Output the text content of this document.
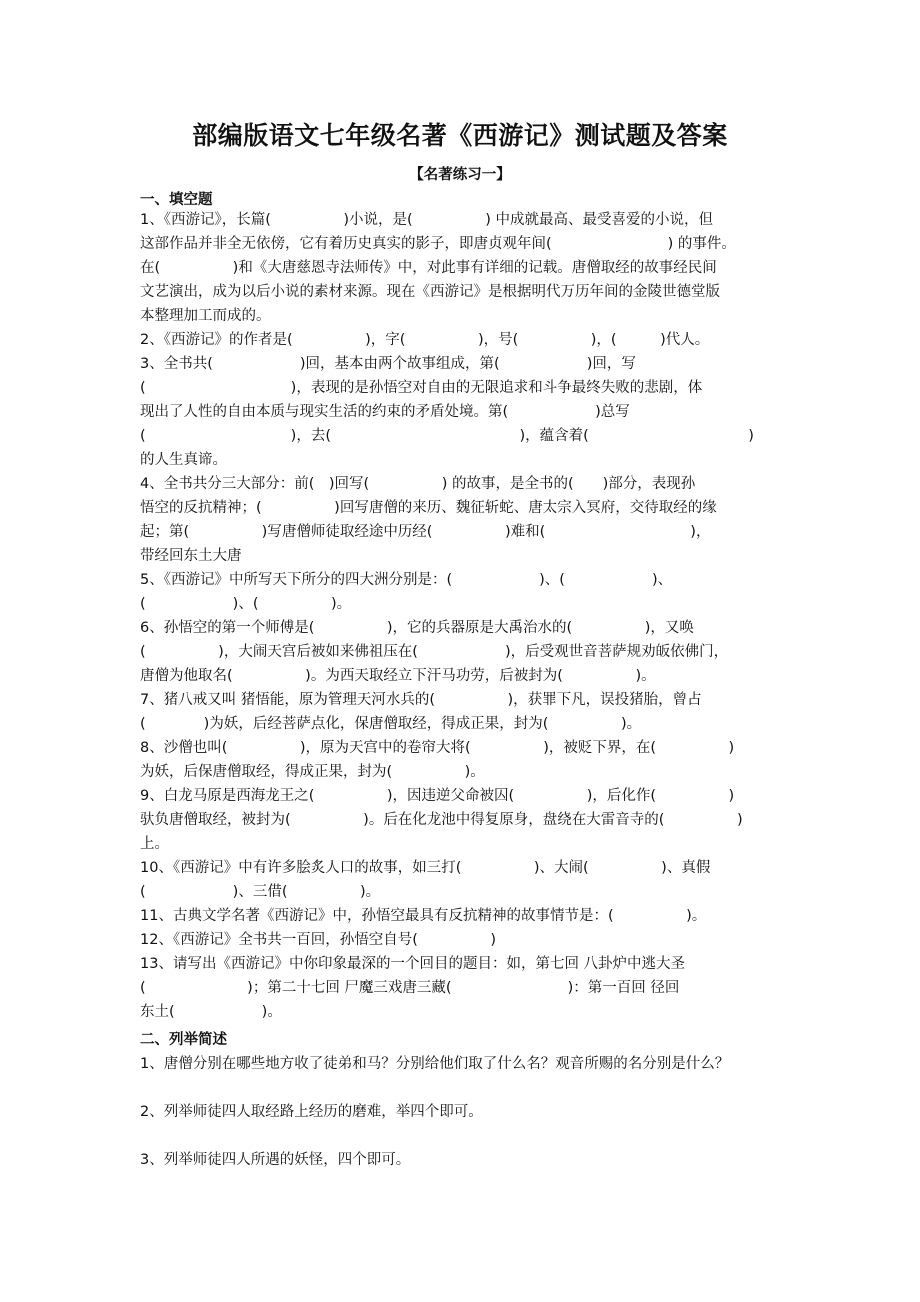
部编版语文七年级名著《西游记》测试题及答案
【名著练习一】
一、填空题
1、《西游记》，长篇(　　　　　)小说，是(　　　　　) 中成就最高、最受喜爱的小说，但
这部作品并非全无依傍，它有着历史真实的影子，即唐贞观年间(　　　　　　　　) 的事件。
在(　　　　　)和《大唐慈恩寺法师传》中，对此事有详细的记载。唐僧取经的故事经民间
文艺演出，成为以后小说的素材来源。现在《西游记》是根据明代万历年间的金陵世德堂版
本整理加工而成的。
2、《西游记》的作者是(　　　　　)，字(　　　　　)，号(　　　　　)，(　　　)代人。
3、全书共(　　　　　　)回，基本由两个故事组成，第(　　　　　　)回，写
(　　　　　　　　　　)，表现的是孙悟空对自由的无限追求和斗争最终失败的悲剧，体
现出了人性的自由本质与现实生活的约束的矛盾处境。第(　　　　　　)总写
(　　　　　　　　　　)，去(　　　　　　　　　　　　　)，蕴含着(　　　　　　　　　　　)
的人生真谛。
4、全书共分三大部分：前(　)回写(　　　　　) 的故事，是全书的(　　)部分，表现孙
悟空的反抗精神；(　　　　　)回写唐僧的来历、魏征斩蛇、唐太宗入冥府，交待取经的缘
起；第(　　　　　)写唐僧师徒取经途中历经(　　　　　)难和(　　　　　　　　　　)，
带经回东土大唐
5、《西游记》中所写天下所分的四大洲分别是：(　　　　　　)、(　　　　　　)、
(　　　　　　)、(　　　　　)。
6、孙悟空的第一个师傅是(　　　　　)，它的兵器原是大禹治水的(　　　　　)，又唤
(　　　　　)，大闹天宫后被如来佛祖压在(　　　　　　)，后受观世音菩萨规劝皈依佛门，
唐僧为他取名(　　　　　)。为西天取经立下汗马功劳，后被封为(　　　　　)。
7、猪八戒又叫 猪悟能，原为管理天河水兵的(　　　　　)，获罪下凡，误投猪胎，曾占
(　　　　)为妖，后经菩萨点化，保唐僧取经，得成正果，封为(　　　　　)。
8、沙僧也叫(　　　　　)，原为天宫中的卷帘大将(　　　　　)，被贬下界，在(　　　　　)
为妖，后保唐僧取经，得成正果，封为(　　　　　)。
9、白龙马原是西海龙王之(　　　　　)，因违逆父命被囚(　　　　　)，后化作(　　　　　)
驮负唐僧取经，被封为(　　　　　)。后在化龙池中得复原身，盘绕在大雷音寺的(　　　　　)
上。
10、《西游记》中有许多脍炙人口的故事，如三打(　　　　　)、大闹(　　　　　)、真假
(　　　　　　)、三借(　　　　　)。
11、古典文学名著《西游记》中，孙悟空最具有反抗精神的故事情节是：(　　　　　)。
12、《西游记》全书共一百回，孙悟空自号(　　　　　)
13、请写出《西游记》中你印象最深的一个回目的题目：如，第七回 八卦炉中逃大圣
(　　　　　　　)；第二十七回 尸魔三戏唐三藏(　　　　　　　　)：第一百回 径回
东土(　　　　　　)。
二、列举简述
1、唐僧分别在哪些地方收了徒弟和马？分别给他们取了什么名？观音所赐的名分别是什么？
2、列举师徒四人取经路上经历的磨难，举四个即可。
3、列举师徒四人所遇的妖怪，四个即可。
